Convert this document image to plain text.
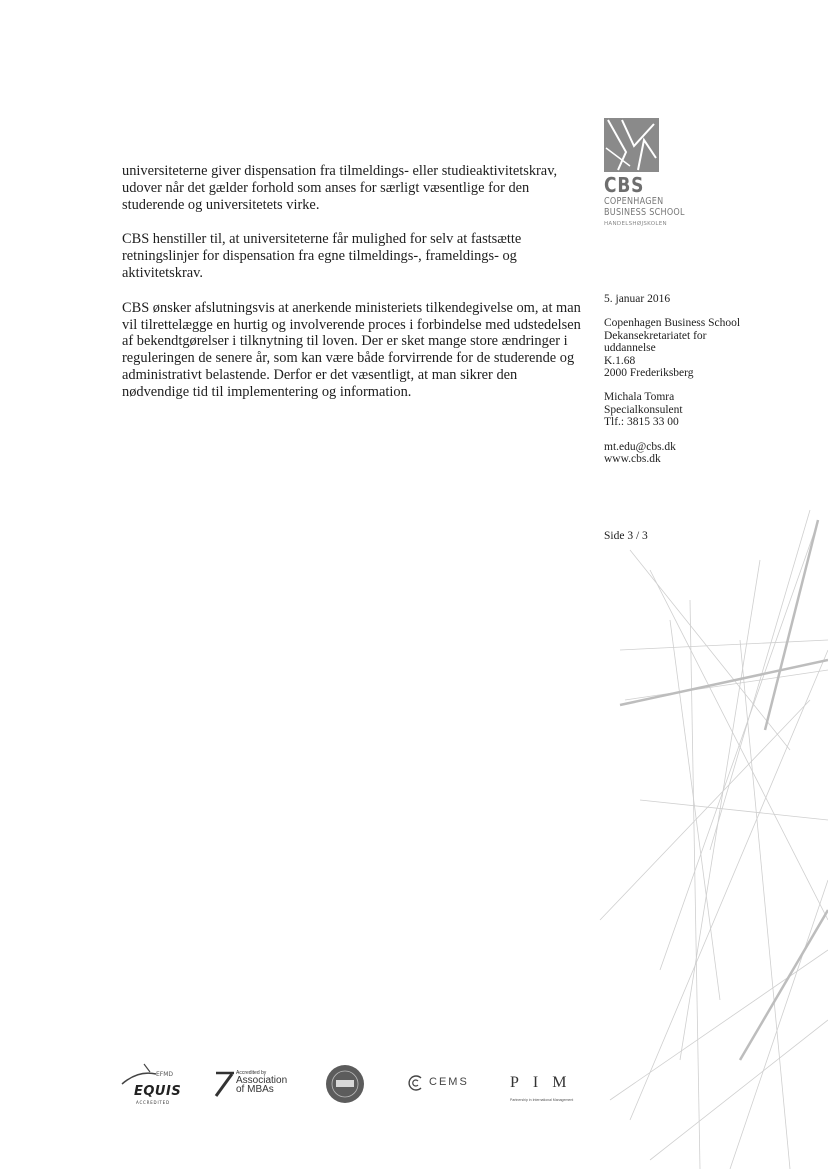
universiteterne giver dispensation fra tilmeldings- eller studieaktivitetskrav, udover når det gælder forhold som anses for særligt væsentlige for den studerende og universitetets virke.

CBS henstiller til, at universiteterne får mulighed for selv at fastsætte retningslinjer for dispensation fra egne tilmeldings-, frameldings- og aktivitetskrav.

CBS ønsker afslutningsvis at anerkende ministeriets tilkendegivelse om, at man vil tilrettelægge en hurtig og involverende proces i forbindelse med udstedelsen af bekendtgørelser i tilknytning til loven. Der er sket mange store ændringer i reguleringen de senere år, som kan være både forvirrende for de studerende og administrativt belastende. Derfor er det væsentligt, at man sikrer den nødvendige tid til implementering og information.

CBS
COPENHAGEN
BUSINESS SCHOOL
HANDELSHØJSKOLEN
5. januar 2016
Copenhagen Business School
Dekansekretariatet for
uddannelse
K.1.68
2000 Frederiksberg
Michala Tomra
Specialkonsulent
Tlf.: 3815 33 00
mt.edu@cbs.dk
www.cbs.dk
Side 3 / 3
EFMD
EQUIS
ACCREDITED
Accredited by
Association
of MBAs
CEMS	PIM
Partnership in International Management
